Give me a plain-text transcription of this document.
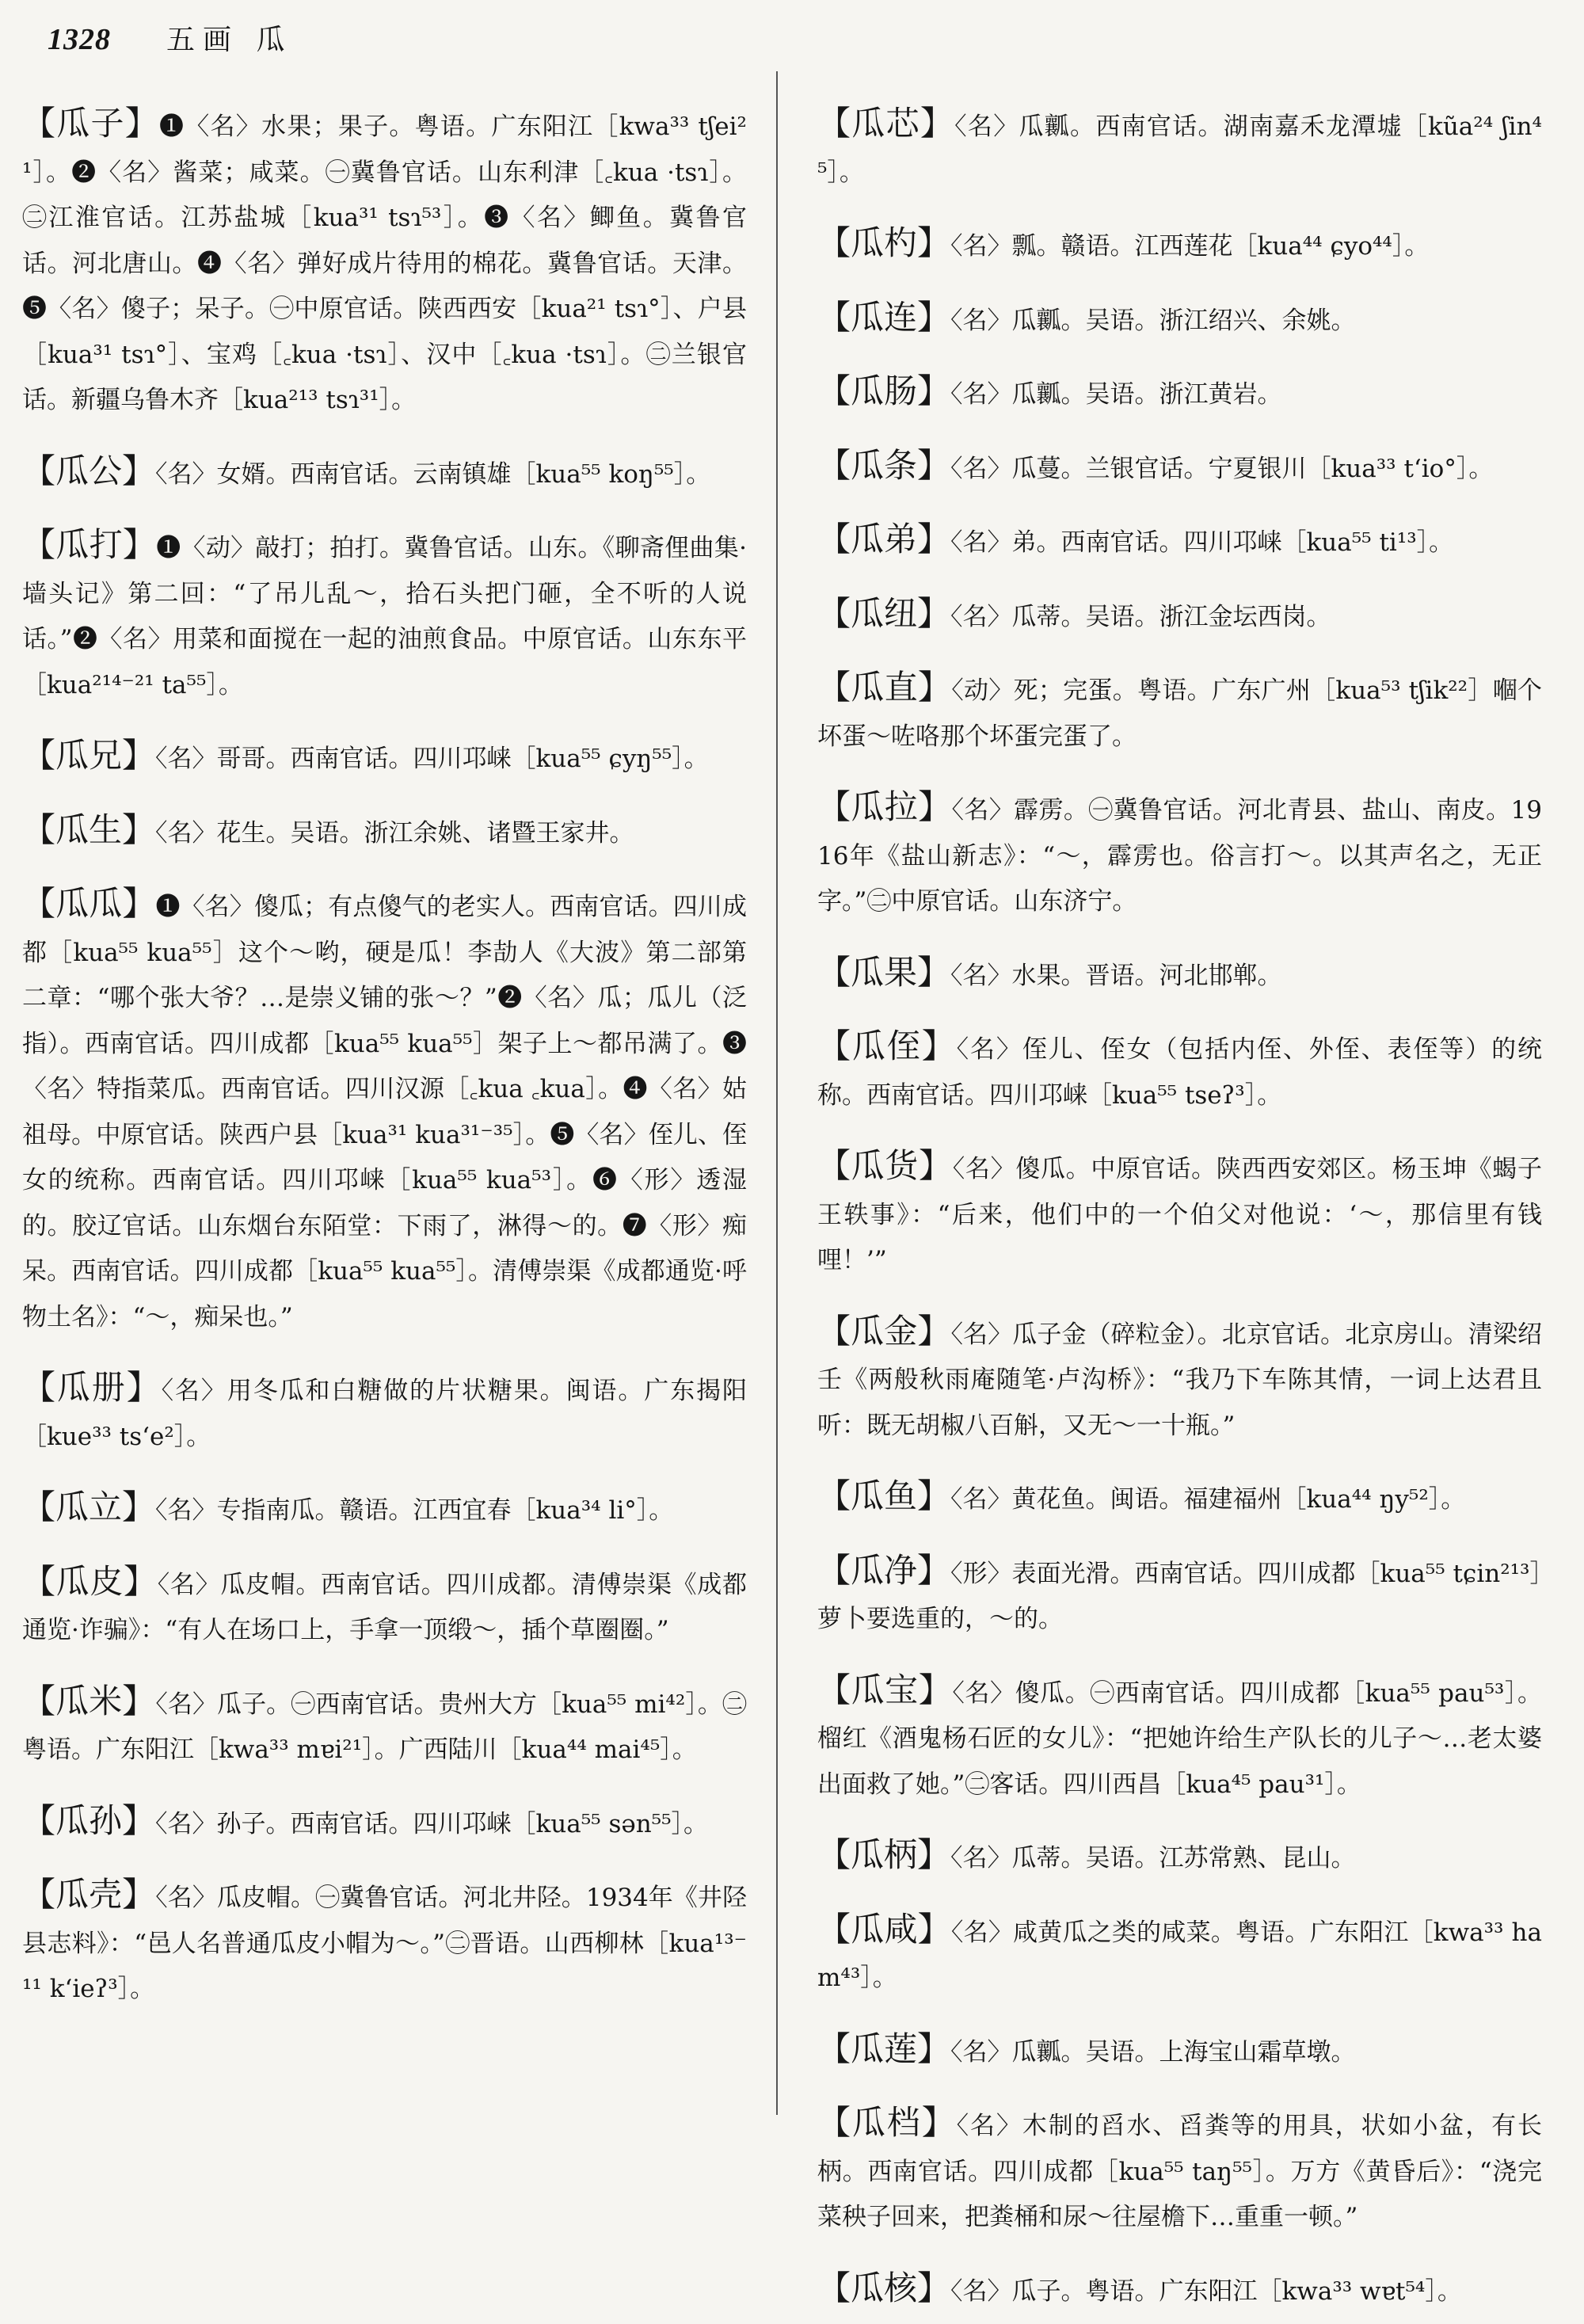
1328 五画 瓜

【瓜子】❶〈名〉水果；果子。粤语。广东阳江［kwa³³ tʃei²¹］。❷〈名〉酱菜；咸菜。㊀冀鲁官话。山东利津［꜀kua ·tsɿ］。㊁江淮官话。江苏盐城［kua³¹ tsɿ⁵³］。❸〈名〉鲫鱼。冀鲁官话。河北唐山。❹〈名〉弹好成片待用的棉花。冀鲁官话。天津。❺〈名〉傻子；呆子。㊀中原官话。陕西西安［kua²¹ tsɿ°］、户县［kua³¹ tsɿ°］、宝鸡［꜀kua ·tsɿ］、汉中［꜀kua ·tsɿ］。㊁兰银官话。新疆乌鲁木齐［kua²¹³ tsɿ³¹］。

【瓜公】〈名〉女婿。西南官话。云南镇雄［kua⁵⁵ koŋ⁵⁵］。

【瓜打】❶〈动〉敲打；拍打。冀鲁官话。山东。《聊斋俚曲集·墙头记》第二回：“了吊儿乱～，拾石头把门砸，全不听的人说话。”❷〈名〉用菜和面搅在一起的油煎食品。中原官话。山东东平［kua²¹⁴⁻²¹ ta⁵⁵］。

【瓜兄】〈名〉哥哥。西南官话。四川邛崃［kua⁵⁵ ɕyŋ⁵⁵］。

【瓜生】〈名〉花生。吴语。浙江余姚、诸暨王家井。

【瓜瓜】❶〈名〉傻瓜；有点傻气的老实人。西南官话。四川成都［kua⁵⁵ kua⁵⁵］这个～哟，硬是瓜！李劼人《大波》第二部第二章：“哪个张大爷？…是崇义铺的张～？”❷〈名〉瓜；瓜儿（泛指）。西南官话。四川成都［kua⁵⁵ kua⁵⁵］架子上～都吊满了。❸〈名〉特指菜瓜。西南官话。四川汉源［꜀kua ꜀kua］。❹〈名〉姑祖母。中原官话。陕西户县［kua³¹ kua³¹⁻³⁵］。❺〈名〉侄儿、侄女的统称。西南官话。四川邛崃［kua⁵⁵ kua⁵³］。❻〈形〉透湿的。胶辽官话。山东烟台东陌堂：下雨了，淋得～的。❼〈形〉痴呆。西南官话。四川成都［kua⁵⁵ kua⁵⁵］。清傅崇渠《成都通览·呼物土名》：“～，痴呆也。”

【瓜册】〈名〉用冬瓜和白糖做的片状糖果。闽语。广东揭阳［kue³³ tsʻe²］。

【瓜立】〈名〉专指南瓜。赣语。江西宜春［kua³⁴ li°］。

【瓜皮】〈名〉瓜皮帽。西南官话。四川成都。清傅崇渠《成都通览·诈骗》：“有人在场口上，手拿一顶缎～，插个草圈圈。”

【瓜米】〈名〉瓜子。㊀西南官话。贵州大方［kua⁵⁵ mi⁴²］。㊁粤语。广东阳江［kwa³³ mɐi²¹］。广西陆川［kua⁴⁴ mai⁴⁵］。

【瓜孙】〈名〉孙子。西南官话。四川邛崃［kua⁵⁵ sən⁵⁵］。

【瓜壳】〈名〉瓜皮帽。㊀冀鲁官话。河北井陉。1934年《井陉县志料》：“邑人名普通瓜皮小帽为～。”㊁晋语。山西柳林［kua¹³⁻¹¹ kʻieʔ³］。

【瓜芯】〈名〉瓜瓤。西南官话。湖南嘉禾龙潭墟［kũa²⁴ ʃin⁴⁵］。

【瓜杓】〈名〉瓢。赣语。江西莲花［kua⁴⁴ ɕyo⁴⁴］。

【瓜连】〈名〉瓜瓤。吴语。浙江绍兴、余姚。

【瓜肠】〈名〉瓜瓤。吴语。浙江黄岩。

【瓜条】〈名〉瓜蔓。兰银官话。宁夏银川［kua³³ tʻio°］。

【瓜弟】〈名〉弟。西南官话。四川邛崃［kua⁵⁵ ti¹³］。

【瓜纽】〈名〉瓜蒂。吴语。浙江金坛西岗。

【瓜直】〈动〉死；完蛋。粤语。广东广州［kua⁵³ tʃik²²］嗰个坏蛋～咗咯那个坏蛋完蛋了。

【瓜拉】〈名〉霹雳。㊀冀鲁官话。河北青县、盐山、南皮。1916年《盐山新志》：“～，霹雳也。俗言打～。以其声名之，无正字。”㊁中原官话。山东济宁。

【瓜果】〈名〉水果。晋语。河北邯郸。

【瓜侄】〈名〉侄儿、侄女（包括内侄、外侄、表侄等）的统称。西南官话。四川邛崃［kua⁵⁵ tseʔ³］。

【瓜货】〈名〉傻瓜。中原官话。陕西西安郊区。杨玉坤《蝎子王轶事》：“后来，他们中的一个伯父对他说：‘～，那信里有钱哩！’”

【瓜金】〈名〉瓜子金（碎粒金）。北京官话。北京房山。清梁绍壬《两般秋雨庵随笔·卢沟桥》：“我乃下车陈其情，一词上达君且听：既无胡椒八百斛，又无～一十瓶。”

【瓜鱼】〈名〉黄花鱼。闽语。福建福州［kua⁴⁴ ŋy⁵²］。

【瓜净】〈形〉表面光滑。西南官话。四川成都［kua⁵⁵ tɕin²¹³］萝卜要选重的，～的。

【瓜宝】〈名〉傻瓜。㊀西南官话。四川成都［kua⁵⁵ pau⁵³］。榴红《酒鬼杨石匠的女儿》：“把她许给生产队长的儿子～…老太婆出面救了她。”㊁客话。四川西昌［kua⁴⁵ pau³¹］。

【瓜柄】〈名〉瓜蒂。吴语。江苏常熟、昆山。

【瓜咸】〈名〉咸黄瓜之类的咸菜。粤语。广东阳江［kwa³³ ham⁴³］。

【瓜莲】〈名〉瓜瓤。吴语。上海宝山霜草墩。

【瓜档】〈名〉木制的舀水、舀粪等的用具，状如小盆，有长柄。西南官话。四川成都［kua⁵⁵ taŋ⁵⁵］。万方《黄昏后》：“浇完菜秧子回来，把粪桶和尿～往屋檐下…重重一顿。”

【瓜核】〈名〉瓜子。粤语。广东阳江［kwa³³ wɐt⁵⁴］。
